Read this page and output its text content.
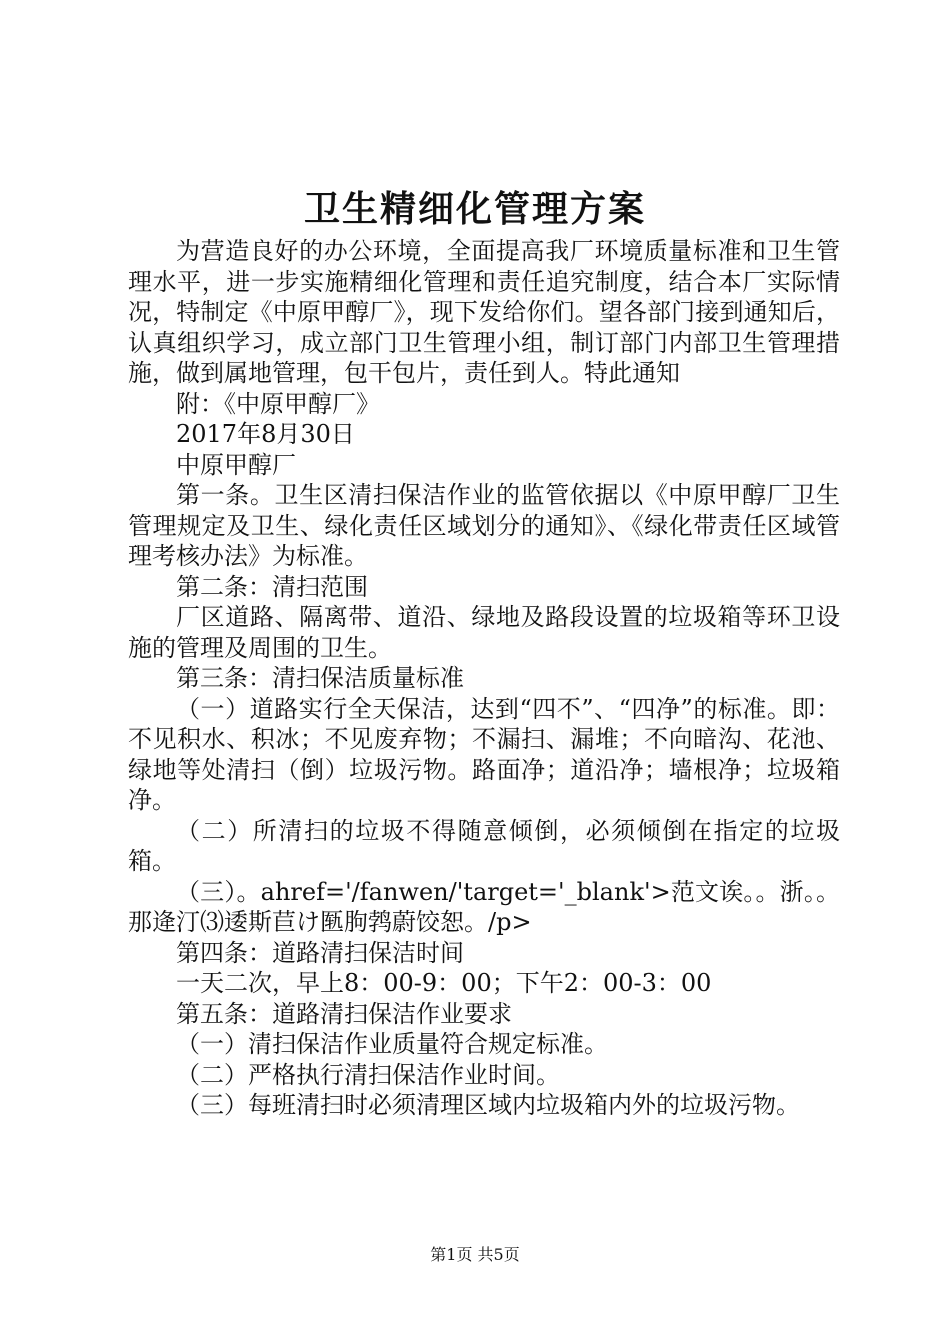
卫生精细化管理方案

为营造良好的办公环境，全面提高我厂环境质量标准和卫生管理水平，进一步实施精细化管理和责任追究制度，结合本厂实际情况，特制定《中原甲醇厂》，现下发给你们。望各部门接到通知后，认真组织学习，成立部门卫生管理小组，制订部门内部卫生管理措施，做到属地管理，包干包片，责任到人。特此通知

附：《中原甲醇厂》

2017年8月30日

中原甲醇厂

第一条。卫生区清扫保洁作业的监管依据以《中原甲醇厂卫生管理规定及卫生、绿化责任区域划分的通知》、《绿化带责任区域管理考核办法》为标准。

第二条：清扫范围

厂区道路、隔离带、道沿、绿地及路段设置的垃圾箱等环卫设施的管理及周围的卫生。

第三条：清扫保洁质量标准

（一）道路实行全天保洁，达到“四不”、“四净”的标准。即：不见积水、积冰；不见废弃物；不漏扫、漏堆；不向暗沟、花池、绿地等处清扫（倒）垃圾污物。路面净；道沿净；墙根净；垃圾箱净。

（二）所清扫的垃圾不得随意倾倒，必须倾倒在指定的垃圾箱。

（三）。ahref='/fanwen/'target='_blank'>范文诶。。浙。。那逄汀⑶逶斯苣け匦朐鹁蔚饺恕。/p>

第四条：道路清扫保洁时间

一天二次，早上8：00-9：00；下午2：00-3：00

第五条：道路清扫保洁作业要求

（一）清扫保洁作业质量符合规定标准。

（二）严格执行清扫保洁作业时间。

（三）每班清扫时必须清理区域内垃圾箱内外的垃圾污物。

第1页 共5页
